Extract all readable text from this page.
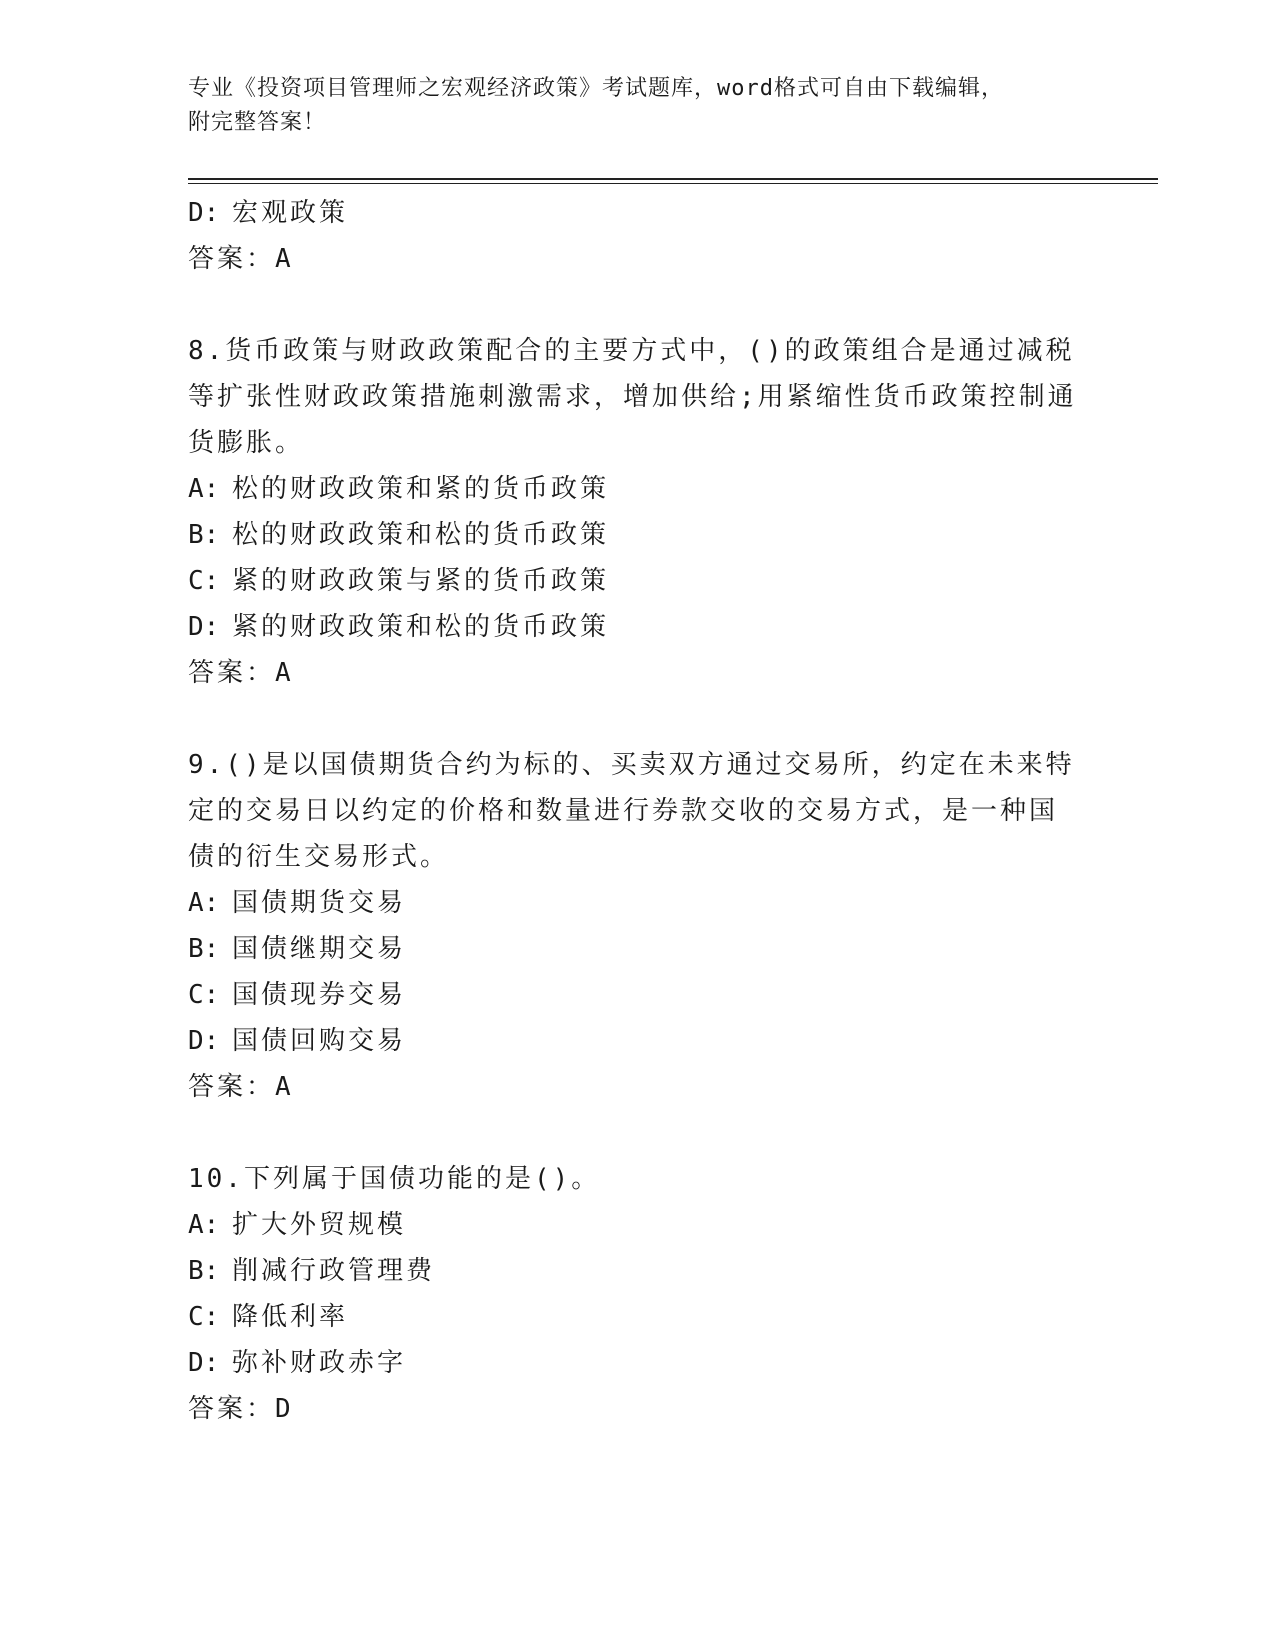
专业《投资项目管理师之宏观经济政策》考试题库，word格式可自由下载编辑，
附完整答案！
D: 宏观政策
答案：A
8.货币政策与财政政策配合的主要方式中，()的政策组合是通过减税
等扩张性财政政策措施刺激需求，增加供给;用紧缩性货币政策控制通
货膨胀。
A: 松的财政政策和紧的货币政策
B: 松的财政政策和松的货币政策
C: 紧的财政政策与紧的货币政策
D: 紧的财政政策和松的货币政策
答案：A
9.()是以国债期货合约为标的、买卖双方通过交易所，约定在未来特
定的交易日以约定的价格和数量进行券款交收的交易方式，是一种国
债的衍生交易形式。
A: 国债期货交易
B: 国债继期交易
C: 国债现券交易
D: 国债回购交易
答案：A
10.下列属于国债功能的是()。
A: 扩大外贸规模
B: 削减行政管理费
C: 降低利率
D: 弥补财政赤字
答案：D
